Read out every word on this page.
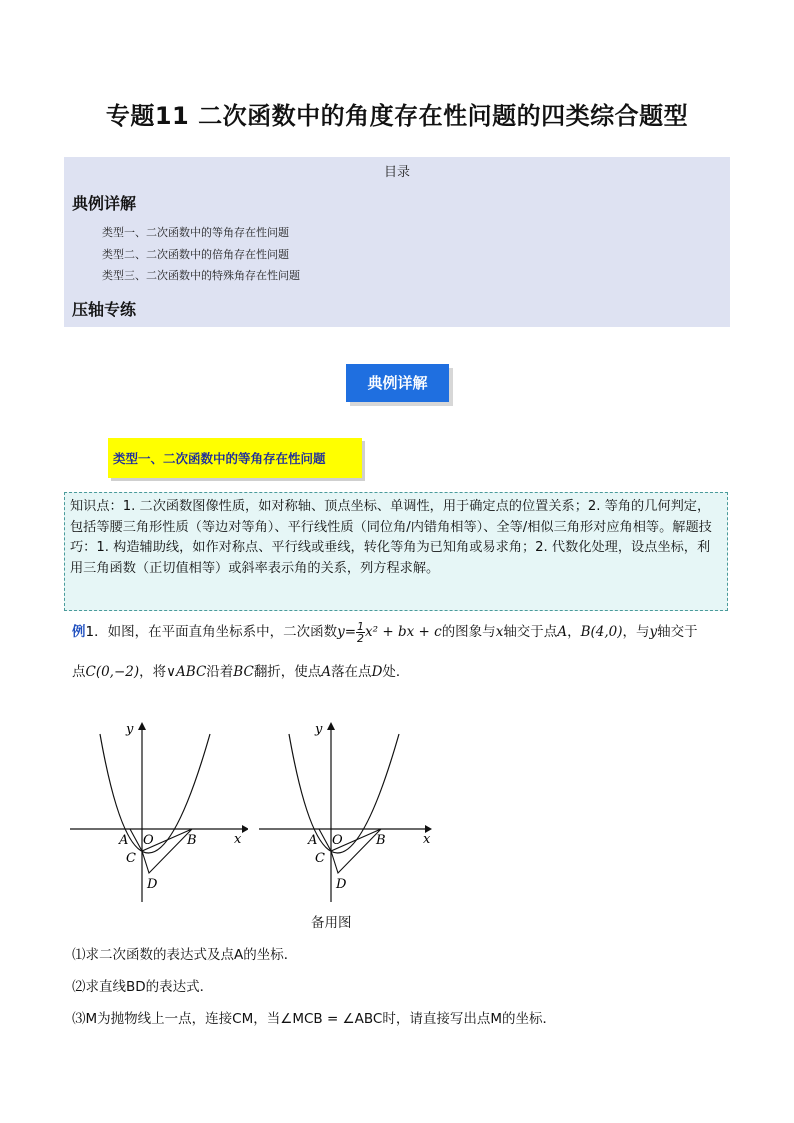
专题11 二次函数中的角度存在性问题的四类综合题型
目录
典例详解
类型一、二次函数中的等角存在性问题
类型二、二次函数中的倍角存在性问题
类型三、二次函数中的特殊角存在性问题
压轴专练
典例详解
类型一、二次函数中的等角存在性问题
知识点：1. 二次函数图像性质，如对称轴、顶点坐标、单调性，用于确定点的位置关系；2. 等角的几何判定，包括等腰三角形性质（等边对等角）、平行线性质（同位角/内错角相等）、全等/相似三角形对应角相等。解题技巧：1. 构造辅助线，如作对称点、平行线或垂线，转化等角为已知角或易求角；2. 代数化处理，设点坐标，利用三角函数（正切值相等）或斜率表示角的关系，列方程求解。
例1．如图，在平面直角坐标系中，二次函数$y= \frac{1}{2} x^2$ + bx + c的图象与x轴交于点A，B(4,0)，与y轴交于
点C(0,−2)，将∨ABC沿着BC翻折，使点A落在点D处．
y
x
A O	B
C
D
y
x
A O	B
C
D
备用图
⑴求二次函数的表达式及点A的坐标．
⑵求直线BD的表达式．
⑶M为抛物线上一点，连接CM，当∠MCB = ∠ABC时，请直接写出点M的坐标．
